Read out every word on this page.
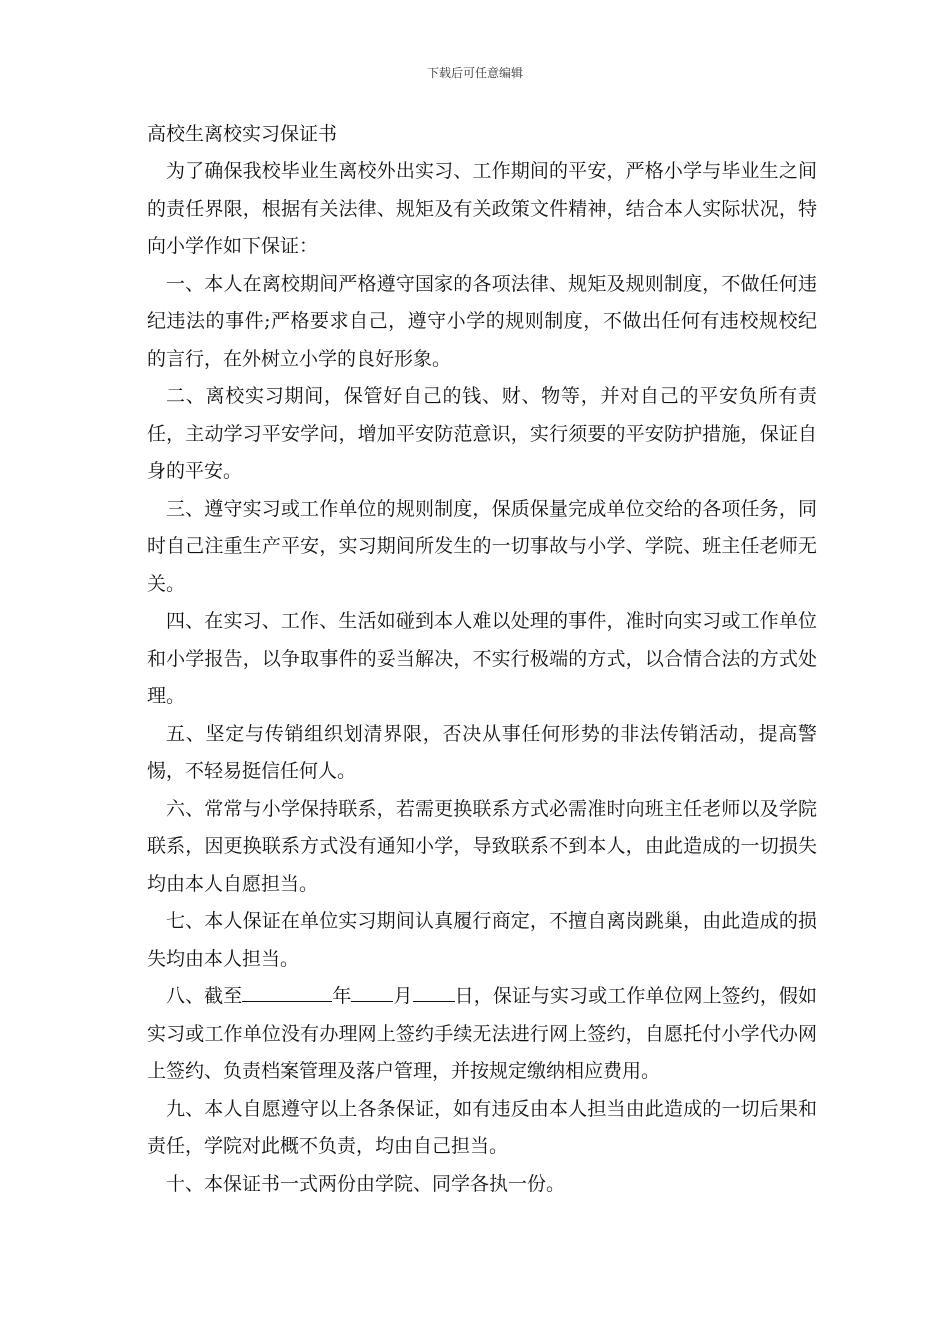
下载后可任意编辑

高校生离校实习保证书

为了确保我校毕业生离校外出实习、工作期间的平安，严格小学与毕业生之间的责任界限，根据有关法律、规矩及有关政策文件精神，结合本人实际状况，特向小学作如下保证：

一、本人在离校期间严格遵守国家的各项法律、规矩及规则制度，不做任何违纪违法的事件;严格要求自己，遵守小学的规则制度，不做出任何有违校规校纪的言行，在外树立小学的良好形象。

二、离校实习期间，保管好自己的钱、财、物等，并对自己的平安负所有责任，主动学习平安学问，增加平安防范意识，实行须要的平安防护措施，保证自身的平安。

三、遵守实习或工作单位的规则制度，保质保量完成单位交给的各项任务，同时自己注重生产平安，实习期间所发生的一切事故与小学、学院、班主任老师无关。

四、在实习、工作、生活如碰到本人难以处理的事件，准时向实习或工作单位和小学报告，以争取事件的妥当解决，不实行极端的方式，以合情合法的方式处理。

五、坚定与传销组织划清界限，否决从事任何形势的非法传销活动，提高警惕，不轻易挺信任何人。

六、常常与小学保持联系，若需更换联系方式必需准时向班主任老师以及学院联系，因更换联系方式没有通知小学，导致联系不到本人，由此造成的一切损失均由本人自愿担当。

七、本人保证在单位实习期间认真履行商定，不擅自离岗跳巢，由此造成的损失均由本人担当。

八、截至	年 月 日，保证与实习或工作单位网上签约，假如实习或工作单位没有办理网上签约手续无法进行网上签约，自愿托付小学代办网上签约、负责档案管理及落户管理，并按规定缴纳相应费用。

九、本人自愿遵守以上各条保证，如有违反由本人担当由此造成的一切后果和责任，学院对此概不负责，均由自己担当。

十、本保证书一式两份由学院、同学各执一份。
